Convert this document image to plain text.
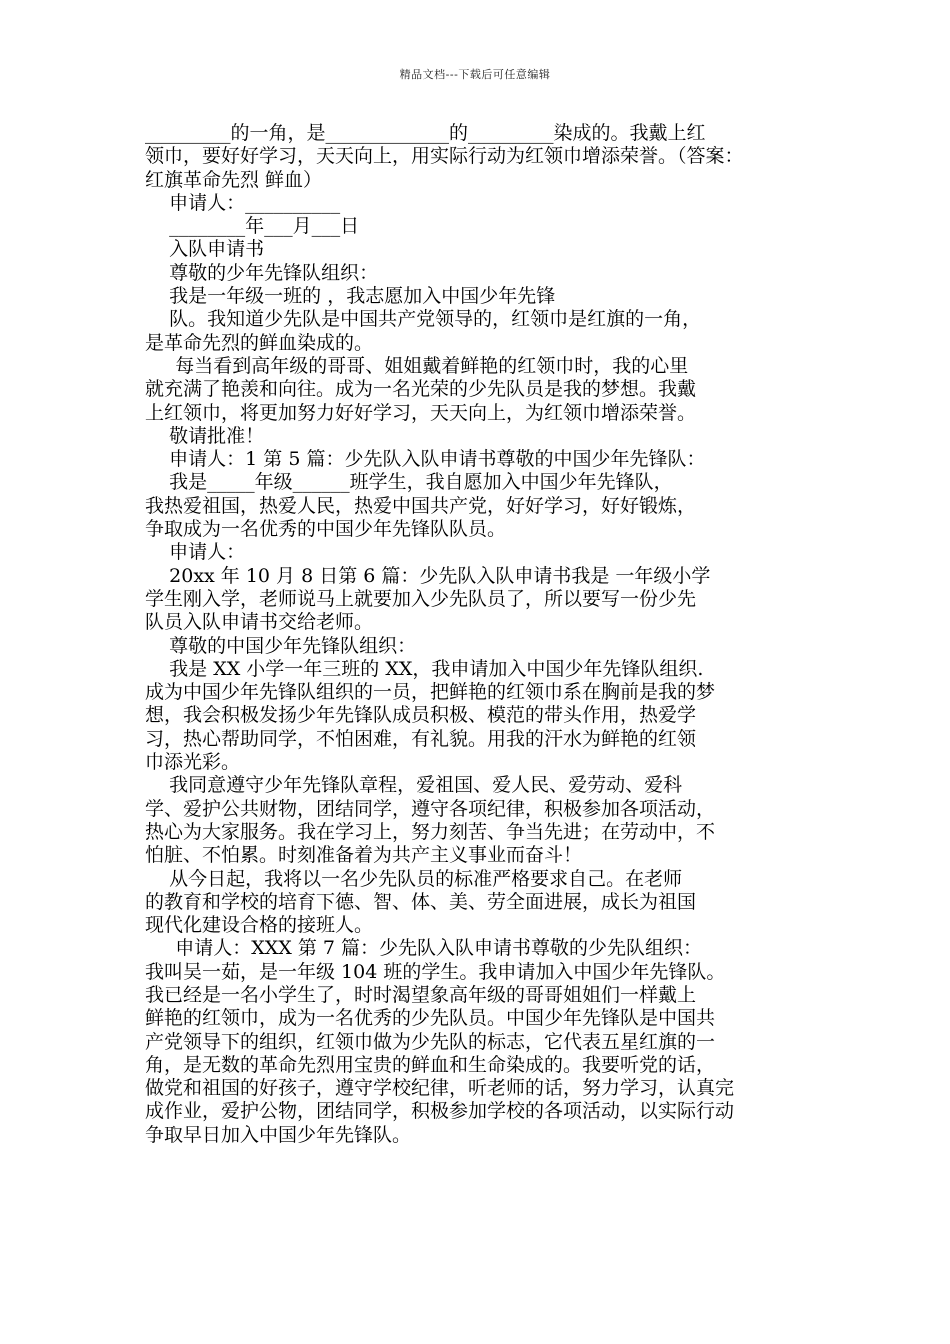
精品文档---下载后可任意编辑
_________的一角，是_____________的_________染成的。我戴上红
领巾，要好好学习，天天向上，用实际行动为红领巾增添荣誉。（答案：
红旗革命先烈 鲜血）
申请人：__________
________年___月___日
入队申请书
尊敬的少年先锋队组织：
我是一年级一班的 ，我志愿加入中国少年先锋
队。我知道少先队是中国共产党领导的，红领巾是红旗的一角，
是革命先烈的鲜血染成的。
每当看到高年级的哥哥、姐姐戴着鲜艳的红领巾时，我的心里
就充满了艳羡和向往。成为一名光荣的少先队员是我的梦想。我戴
上红领巾，将更加努力好好学习，天天向上，为红领巾增添荣誉。
敬请批准！
申请人：1 第 5 篇：少先队入队申请书尊敬的中国少年先锋队：
我是_____年级______班学生，我自愿加入中国少年先锋队，
我热爱祖国，热爱人民，热爱中国共产党，好好学习，好好锻炼，
争取成为一名优秀的中国少年先锋队队员。
申请人：
20xx 年 10 月 8 日第 6 篇：少先队入队申请书我是 一年级小学
学生刚入学，老师说马上就要加入少先队员了，所以要写一份少先
队员入队申请书交给老师。
尊敬的中国少年先锋队组织：
我是 XX 小学一年三班的 XX，我申请加入中国少年先锋队组织.
成为中国少年先锋队组织的一员，把鲜艳的红领巾系在胸前是我的梦
想，我会积极发扬少年先锋队成员积极、模范的带头作用，热爱学
习，热心帮助同学，不怕困难，有礼貌。用我的汗水为鲜艳的红领
巾添光彩。
我同意遵守少年先锋队章程，爱祖国、爱人民、爱劳动、爱科
学、爱护公共财物，团结同学，遵守各项纪律，积极参加各项活动，
热心为大家服务。我在学习上，努力刻苦、争当先进；在劳动中，不
怕脏、不怕累。时刻准备着为共产主义事业而奋斗！
从今日起，我将以一名少先队员的标准严格要求自己。在老师
的教育和学校的培育下德、智、体、美、劳全面进展，成长为祖国
现代化建设合格的接班人。
申请人：XXX 第 7 篇：少先队入队申请书尊敬的少先队组织：
我叫吴一茹，是一年级 104 班的学生。我申请加入中国少年先锋队。
我已经是一名小学生了，时时渴望象高年级的哥哥姐姐们一样戴上
鲜艳的红领巾，成为一名优秀的少先队员。中国少年先锋队是中国共
产党领导下的组织，红领巾做为少先队的标志，它代表五星红旗的一
角，是无数的革命先烈用宝贵的鲜血和生命染成的。我要听党的话，
做党和祖国的好孩子，遵守学校纪律，听老师的话，努力学习，认真完
成作业，爱护公物，团结同学，积极参加学校的各项活动，以实际行动
争取早日加入中国少年先锋队。
